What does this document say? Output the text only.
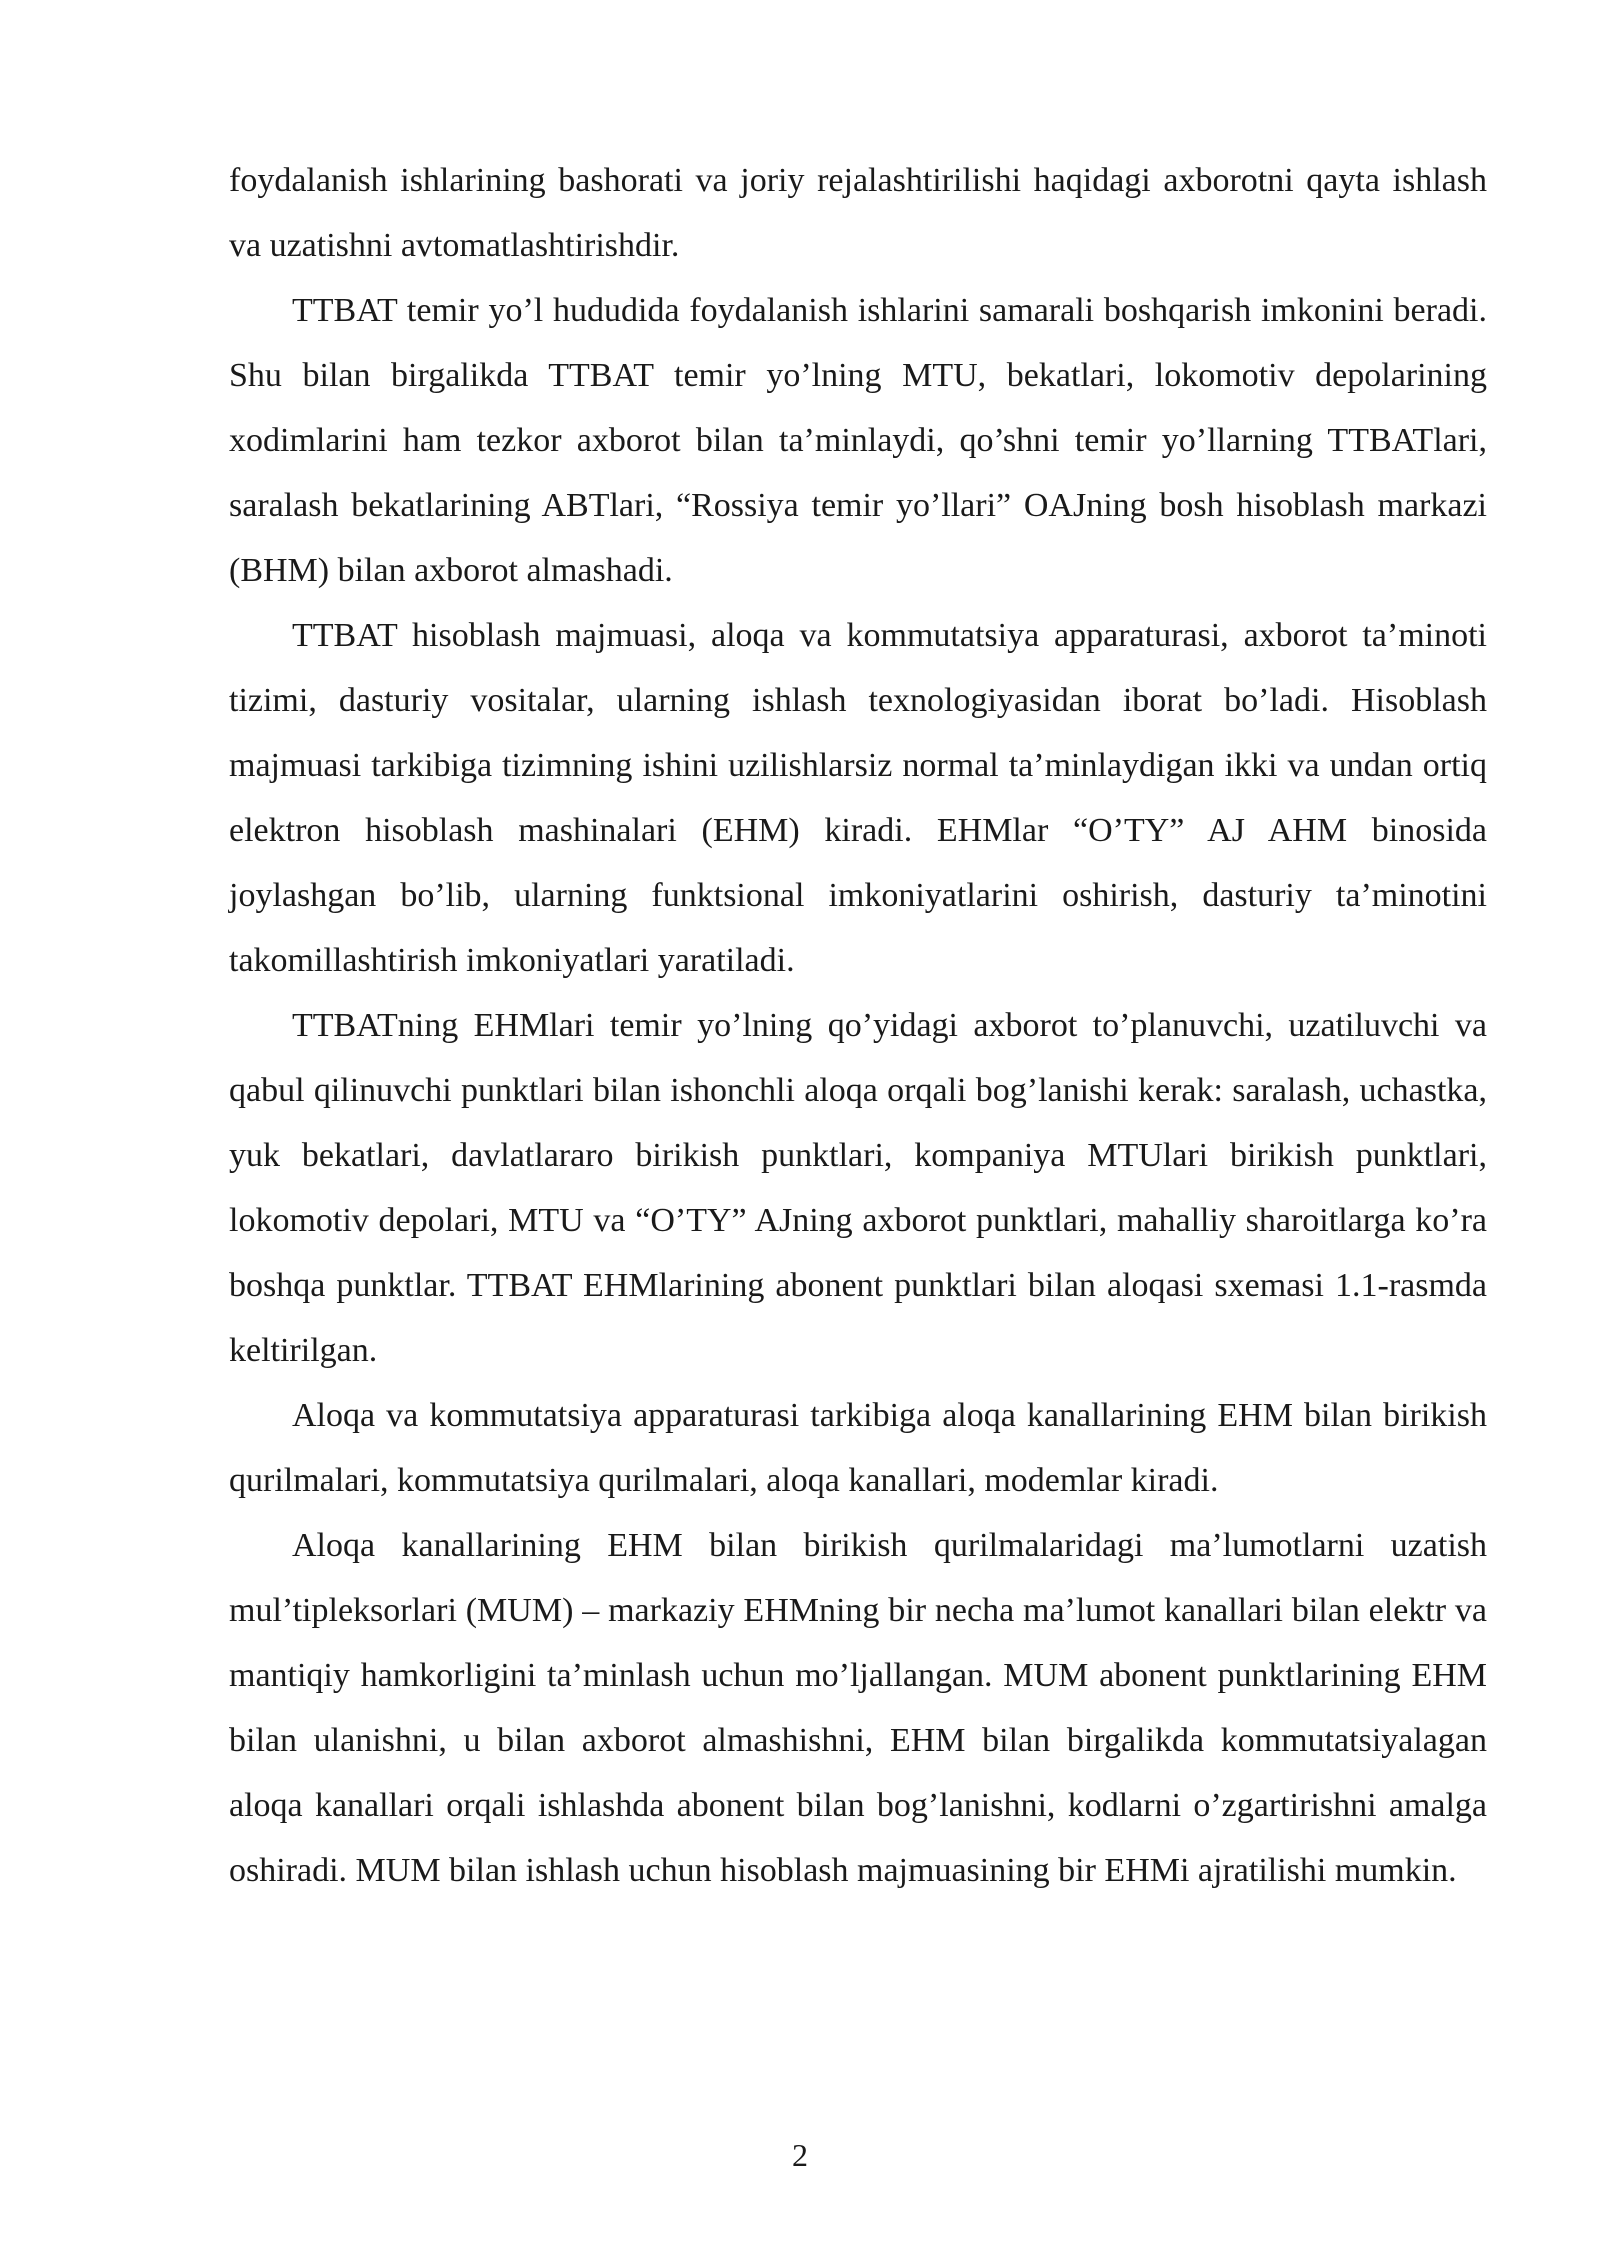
foydalanish ishlarining bashorati va joriy rejalashtirilishi haqidagi axborotni qayta ishlash va uzatishni avtomatlashtirishdir.

TTBAT temir yo’l hududida foydalanish ishlarini samarali boshqarish imkonini beradi. Shu bilan birgalikda TTBAT temir yo’lning MTU, bekatlari, lokomotiv depolarining xodimlarini ham tezkor axborot bilan ta’minlaydi, qo’shni temir yo’llarning TTBATlari, saralash bekatlarining ABTlari, “Rossiya temir yo’llari” OAJning bosh hisoblash markazi (BHM) bilan axborot almashadi.

TTBAT hisoblash majmuasi, aloqa va kommutatsiya apparaturasi, axborot ta’minoti tizimi, dasturiy vositalar, ularning ishlash texnologiyasidan iborat bo’ladi. Hisoblash majmuasi tarkibiga tizimning ishini uzilishlarsiz normal ta’minlaydigan ikki va undan ortiq elektron hisoblash mashinalari (EHM) kiradi. EHMlar “O’TY” AJ AHM binosida joylashgan bo’lib, ularning funktsional imkoniyatlarini oshirish, dasturiy ta’minotini takomillashtirish imkoniyatlari yaratiladi.

TTBATning EHMlari temir yo’lning qo’yidagi axborot to’planuvchi, uzatiluvchi va qabul qilinuvchi punktlari bilan ishonchli aloqa orqali bog’lanishi kerak: saralash, uchastka, yuk bekatlari, davlatlararo birikish punktlari, kompaniya MTUlari birikish punktlari, lokomotiv depolari, MTU va “O’TY” AJning axborot punktlari, mahalliy sharoitlarga ko’ra boshqa punktlar. TTBAT EHMlarining abonent punktlari bilan aloqasi sxemasi 1.1-rasmda keltirilgan.

Aloqa va kommutatsiya apparaturasi tarkibiga aloqa kanallarining EHM bilan birikish qurilmalari, kommutatsiya qurilmalari, aloqa kanallari, modemlar kiradi.

Aloqa kanallarining EHM bilan birikish qurilmalaridagi ma’lumotlarni uzatish mul’tipleksorlari (MUM) – markaziy EHMning bir necha ma’lumot kanallari bilan elektr va mantiqiy hamkorligini ta’minlash uchun mo’ljallangan. MUM abonent punktlarining EHM bilan ulanishni, u bilan axborot almashishni, EHM bilan birgalikda kommutatsiyalagan aloqa kanallari orqali ishlashda abonent bilan bog’lanishni, kodlarni o’zgartirishni amalga oshiradi. MUM bilan ishlash uchun hisoblash majmuasining bir EHMi ajratilishi mumkin.

2
